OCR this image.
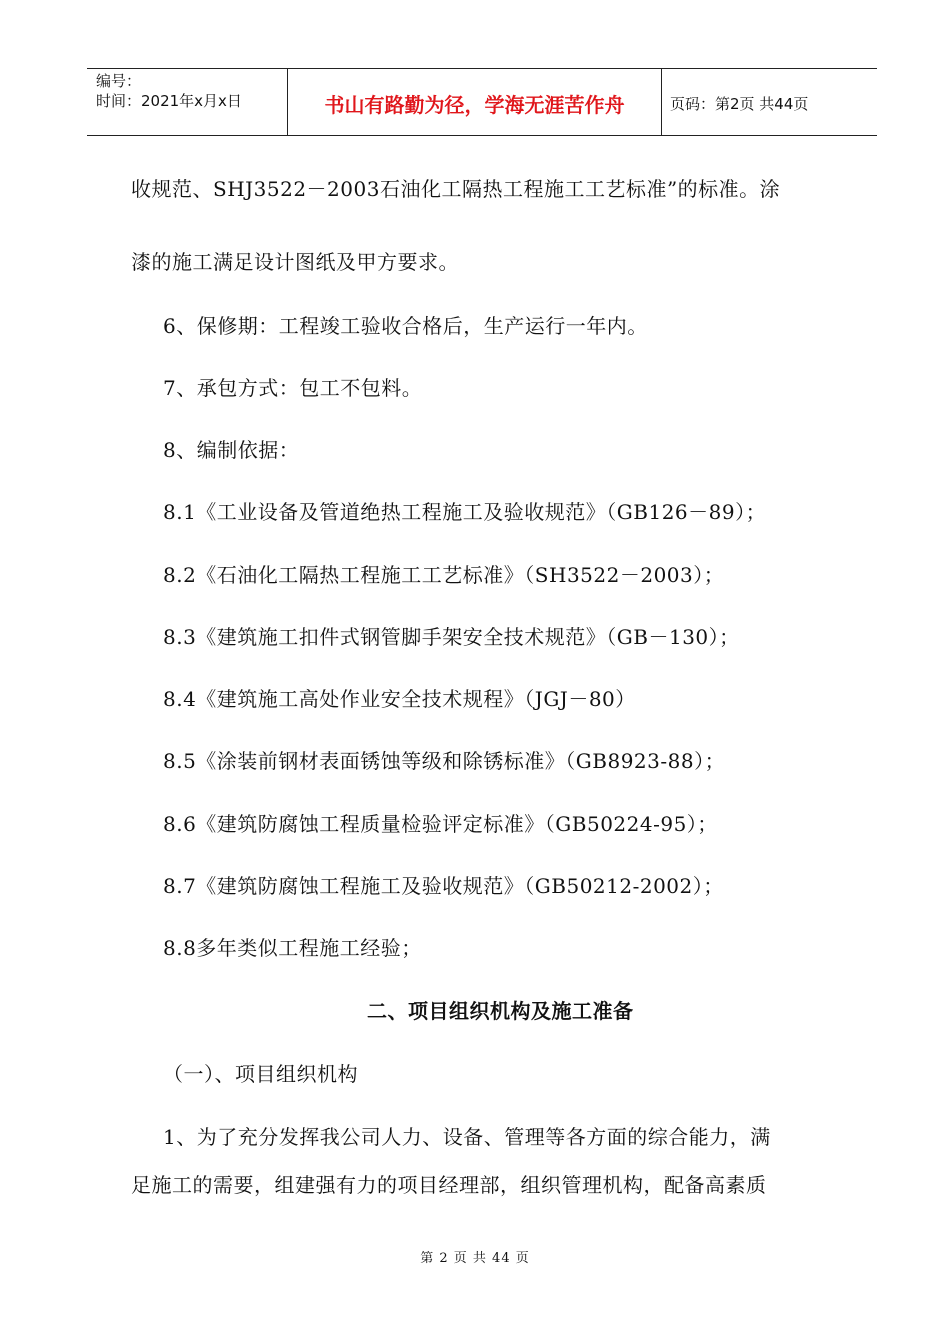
编号：
时间：2021年x月x日	书山有路勤为径，学海无涯苦作舟	页码：第2页 共44页
收规范、SHJ3522－2003石油化工隔热工程施工工艺标准”的标准。涂
漆的施工满足设计图纸及甲方要求。
6、保修期：工程竣工验收合格后，生产运行一年内。
7、承包方式：包工不包料。
8、编制依据：
8.1《工业设备及管道绝热工程施工及验收规范》（GB126－89）；
8.2《石油化工隔热工程施工工艺标准》（SH3522－2003）；
8.3《建筑施工扣件式钢管脚手架安全技术规范》（GB－130）；
8.4《建筑施工高处作业安全技术规程》（JGJ－80）
8.5《涂装前钢材表面锈蚀等级和除锈标准》（GB8923-88）；
8.6《建筑防腐蚀工程质量检验评定标准》（GB50224-95）；
8.7《建筑防腐蚀工程施工及验收规范》（GB50212-2002）；
8.8多年类似工程施工经验；
二、项目组织机构及施工准备
（一）、项目组织机构
1、为了充分发挥我公司人力、设备、管理等各方面的综合能力，满
足施工的需要，组建强有力的项目经理部，组织管理机构，配备高素质
第 2 页 共 44 页
